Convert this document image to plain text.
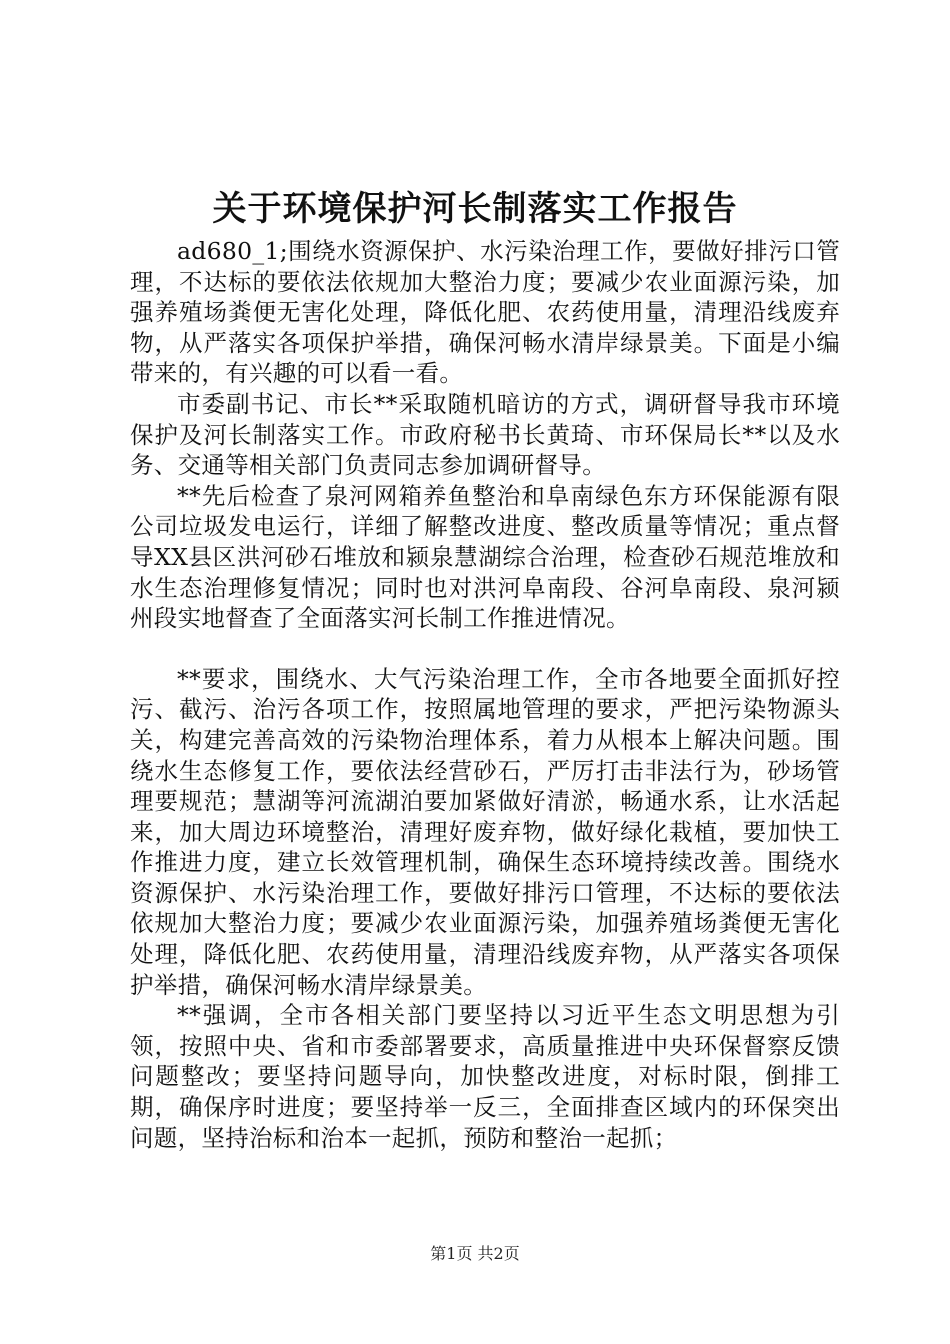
关于环境保护河长制落实工作报告

ad680_1;围绕水资源保护、水污染治理工作，要做好排污口管理，不达标的要依法依规加大整治力度；要减少农业面源污染，加强养殖场粪便无害化处理，降低化肥、农药使用量，清理沿线废弃物，从严落实各项保护举措，确保河畅水清岸绿景美。下面是小编带来的，有兴趣的可以看一看。

市委副书记、市长**采取随机暗访的方式，调研督导我市环境保护及河长制落实工作。市政府秘书长黄琦、市环保局长**以及水务、交通等相关部门负责同志参加调研督导。

**先后检查了泉河网箱养鱼整治和阜南绿色东方环保能源有限公司垃圾发电运行，详细了解整改进度、整改质量等情况；重点督导XX县区洪河砂石堆放和颍泉慧湖综合治理，检查砂石规范堆放和水生态治理修复情况；同时也对洪河阜南段、谷河阜南段、泉河颍州段实地督查了全面落实河长制工作推进情况。

**要求，围绕水、大气污染治理工作，全市各地要全面抓好控污、截污、治污各项工作，按照属地管理的要求，严把污染物源头关，构建完善高效的污染物治理体系，着力从根本上解决问题。围绕水生态修复工作，要依法经营砂石，严厉打击非法行为，砂场管理要规范；慧湖等河流湖泊要加紧做好清淤，畅通水系，让水活起来，加大周边环境整治，清理好废弃物，做好绿化栽植，要加快工作推进力度，建立长效管理机制，确保生态环境持续改善。围绕水资源保护、水污染治理工作，要做好排污口管理，不达标的要依法依规加大整治力度；要减少农业面源污染，加强养殖场粪便无害化处理，降低化肥、农药使用量，清理沿线废弃物，从严落实各项保护举措，确保河畅水清岸绿景美。

**强调，全市各相关部门要坚持以习近平生态文明思想为引领，按照中央、省和市委部署要求，高质量推进中央环保督察反馈问题整改；要坚持问题导向，加快整改进度，对标时限，倒排工期，确保序时进度；要坚持举一反三，全面排查区域内的环保突出问题，坚持治标和治本一起抓，预防和整治一起抓；

第1页 共2页
